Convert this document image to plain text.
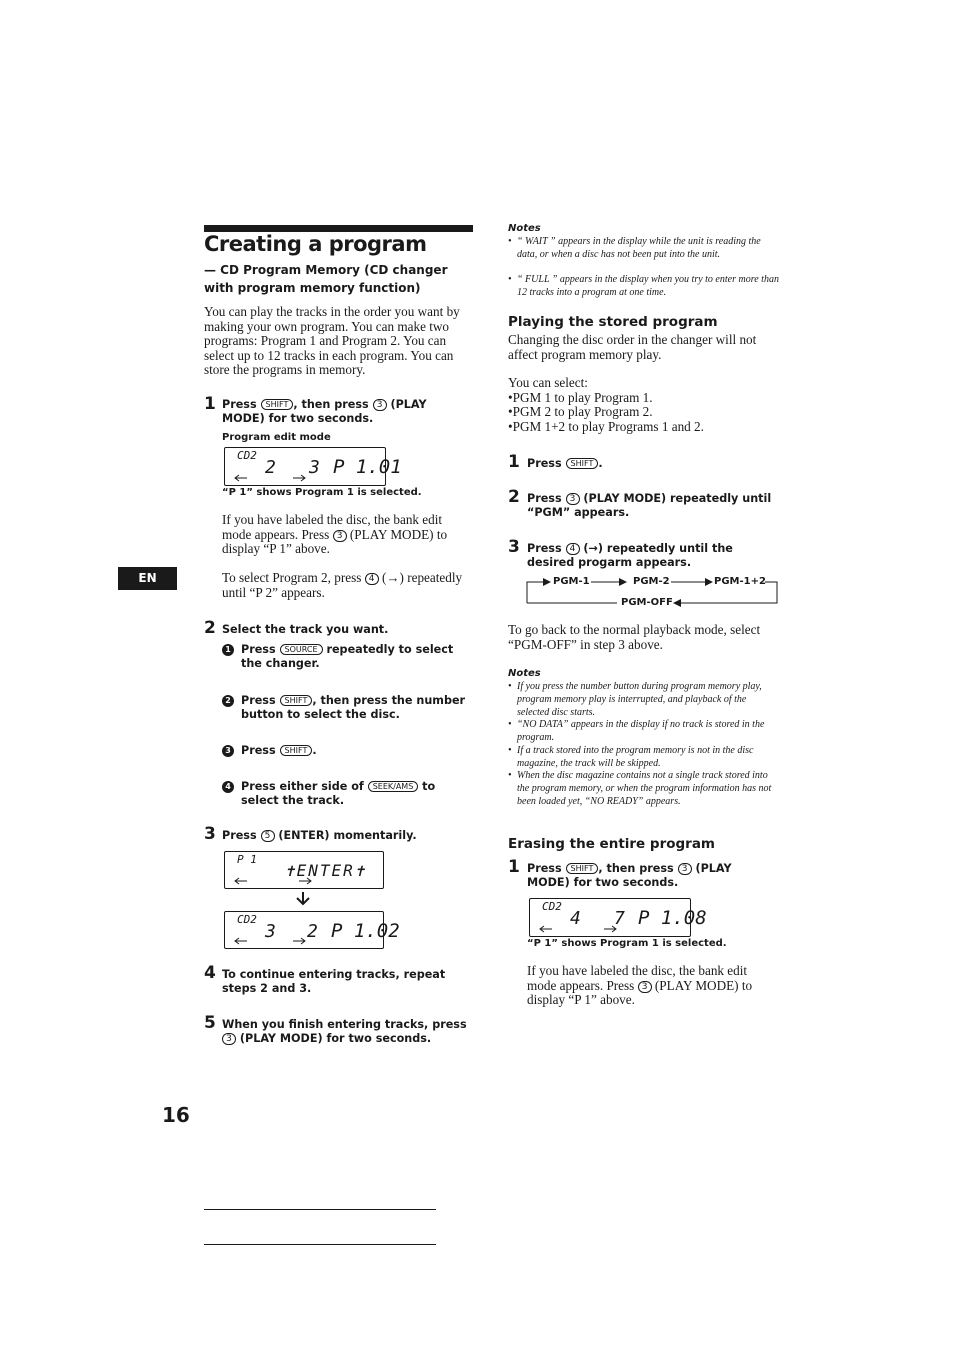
Creating a program
— CD Program Memory (CD changer with program memory function)
You can play the tracks in the order you want by making your own program. You can make two programs: Program 1 and Program 2. You can select up to 12 tracks in each program. You can store the programs in memory.
1 Press SHIFT , then press 3 (PLAY MODE) for two seconds.
Program edit mode
CD2
2 3 P 1.01
“P 1” shows Program 1 is selected.
If you have labeled the disc, the bank edit mode appears. Press 3 (PLAY MODE) to display “P 1” above.
To select Program 2, press 4 (→) repeatedly until “P 2” appears.
2 Select the track you want.
1 Press SOURCE repeatedly to select the changer.
2 Press SHIFT , then press the number button to select the disc.
3 Press SHIFT .
4 Press either side of SEEK/AMS to select the track.
3 Press 5 (ENTER) momentarily.
P 1
✝ENTER✝
CD2
3 2 P 1.02
4 To continue entering tracks, repeat steps 2 and 3.
5 When you finish entering tracks, press 3 (PLAY MODE) for two seconds.
EN
16
Notes
• “ WAIT ” appears in the display while the unit is reading the data, or when a disc has not been put into the unit.
• “ FULL ” appears in the display when you try to enter more than 12 tracks into a program at one time.
Playing the stored program
Changing the disc order in the changer will not affect program memory play.
You can select:
•PGM 1 to play Program 1.
•PGM 2 to play Program 2.
•PGM 1+2 to play Programs 1 and 2.
1 Press SHIFT .
2 Press 3 (PLAY MODE) repeatedly until “PGM” appears.
3 Press 4 (→) repeatedly until the desired progarm appears.
PGM-1	PGM-2	PGM-1+2
PGM-OFF
To go back to the normal playback mode, select “PGM-OFF” in step 3 above.
Notes
• If you press the number button during program memory play, program memory play is interrupted, and playback of the selected disc starts.
• “NO DATA” appears in the display if no track is stored in the program.
• If a track stored into the program memory is not in the disc magazine, the track will be skipped.
• When the disc magazine contains not a single track stored into the program memory, or when the program information has not been loaded yet, “NO READY” appears.
Erasing the entire program
1 Press SHIFT , then press 3 (PLAY MODE) for two seconds.
CD2
4 7 P 1.08
“P 1” shows Program 1 is selected.
If you have labeled the disc, the bank edit mode appears. Press 3 (PLAY MODE) to display “P 1” above.
